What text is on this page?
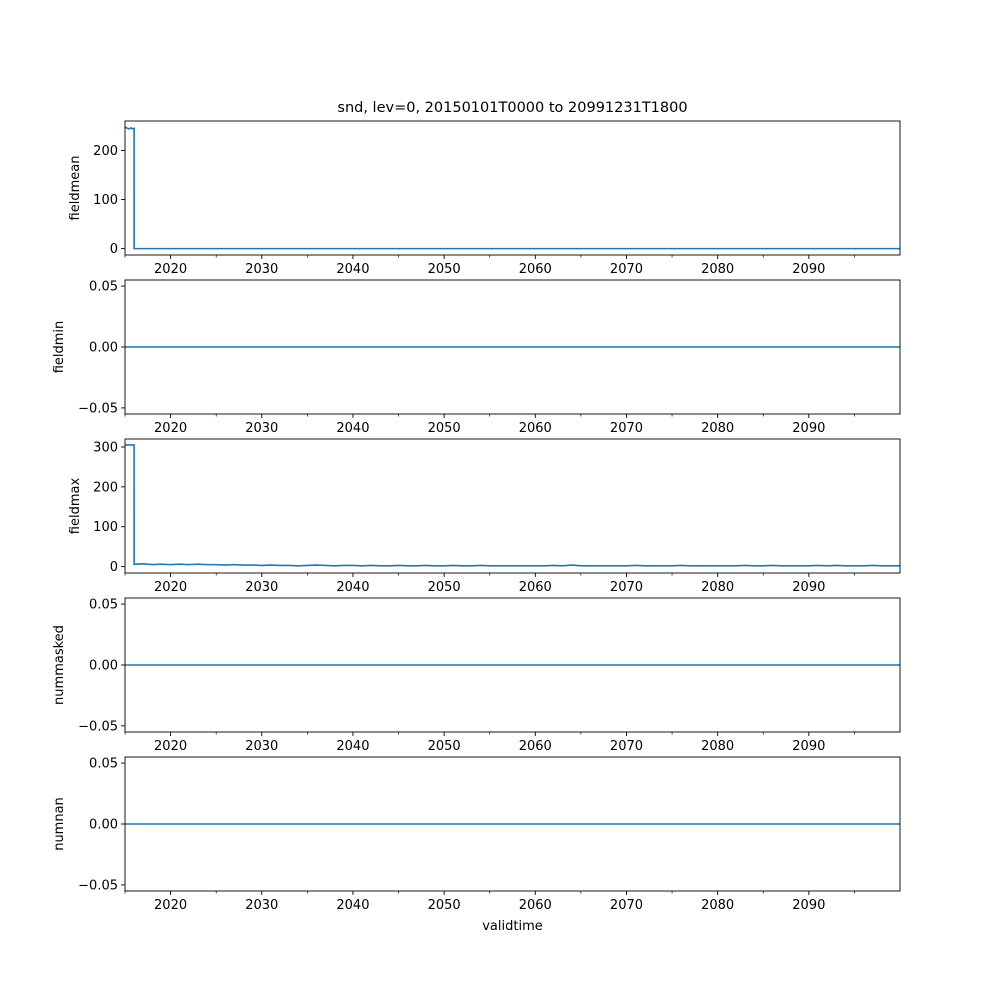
snd, lev=0, 20150101T0000 to 20991231T1800
0
100
200
2020	2030	2040	2050	2060	2070	2080	2090
fieldmean
−0.05
0.00
0.05
2020	2030	2040	2050	2060	2070	2080	2090
fieldmin
0
100
200
300
2020	2030	2040	2050	2060	2070	2080	2090
fieldmax
−0.05
0.00
0.05
2020	2030	2040	2050	2060	2070	2080	2090
nummasked
−0.05
0.00
0.05
2020	2030	2040	2050	2060	2070	2080	2090
numnan
validtime
